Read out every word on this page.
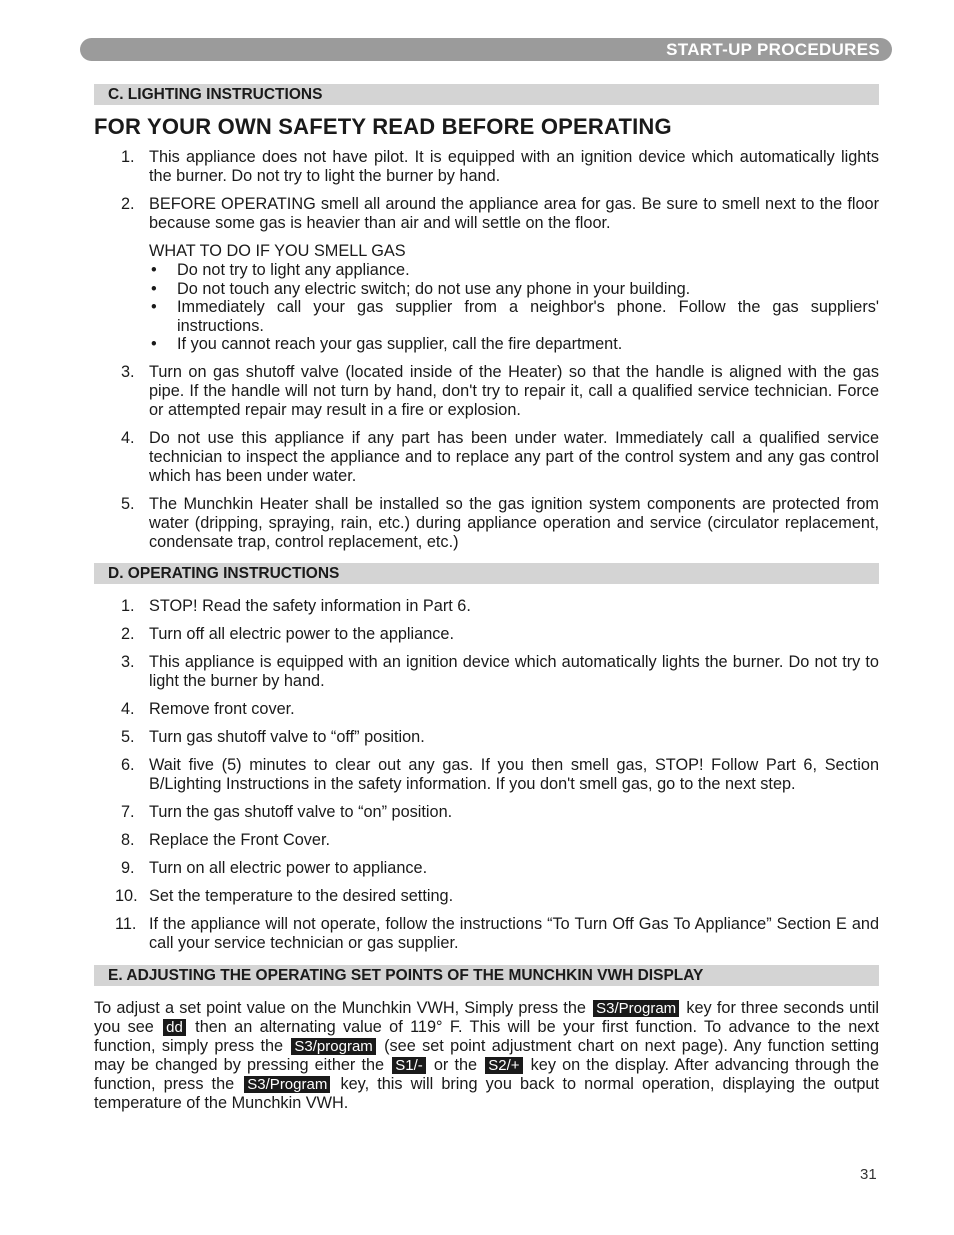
START-UP PROCEDURES
C. LIGHTING INSTRUCTIONS
FOR YOUR OWN SAFETY READ BEFORE OPERATING
1. This appliance does not have pilot. It is equipped with an ignition device which automatically lights the burner. Do not try to light the burner by hand.
2. BEFORE OPERATING smell all around the appliance area for gas. Be sure to smell next to the floor because some gas is heavier than air and will settle on the floor.
WHAT TO DO IF YOU SMELL GAS
• Do not try to light any appliance.
• Do not touch any electric switch; do not use any phone in your building.
• Immediately call your gas supplier from a neighbor's phone. Follow the gas suppliers' instructions.
• If you cannot reach your gas supplier, call the fire department.
3. Turn on gas shutoff valve (located inside of the Heater) so that the handle is aligned with the gas pipe. If the handle will not turn by hand, don't try to repair it, call a qualified service technician. Force or attempted repair may result in a fire or explosion.
4. Do not use this appliance if any part has been under water. Immediately call a qualified service technician to inspect the appliance and to replace any part of the control system and any gas control which has been under water.
5. The Munchkin Heater shall be installed so the gas ignition system components are protected from water (dripping, spraying, rain, etc.) during appliance operation and service (circulator replacement, condensate trap, control replacement, etc.)
D. OPERATING INSTRUCTIONS
1. STOP! Read the safety information in Part 6.
2. Turn off all electric power to the appliance.
3. This appliance is equipped with an ignition device which automatically lights the burner. Do not try to light the burner by hand.
4. Remove front cover.
5. Turn gas shutoff valve to “off” position.
6. Wait five (5) minutes to clear out any gas. If you then smell gas, STOP! Follow Part 6, Section B/Lighting Instructions in the safety information. If you don't smell gas, go to the next step.
7. Turn the gas shutoff valve to “on” position.
8. Replace the Front Cover.
9. Turn on all electric power to appliance.
10. Set the temperature to the desired setting.
11. If the appliance will not operate, follow the instructions “To Turn Off Gas To Appliance” Section E and call your service technician or gas supplier.
E. ADJUSTING THE OPERATING SET POINTS OF THE MUNCHKIN VWH DISPLAY

To adjust a set point value on the Munchkin VWH, Simply press the S3/Program key for three seconds until you see dd then an alternating value of 119° F. This will be your first function. To advance to the next function, simply press the S3/program (see set point adjustment chart on next page). Any function setting may be changed by pressing either the S1/- or the S2/+ key on the display. After advancing through the function, press the S3/Program key, this will bring you back to normal operation, displaying the output temperature of the Munchkin VWH.

31
